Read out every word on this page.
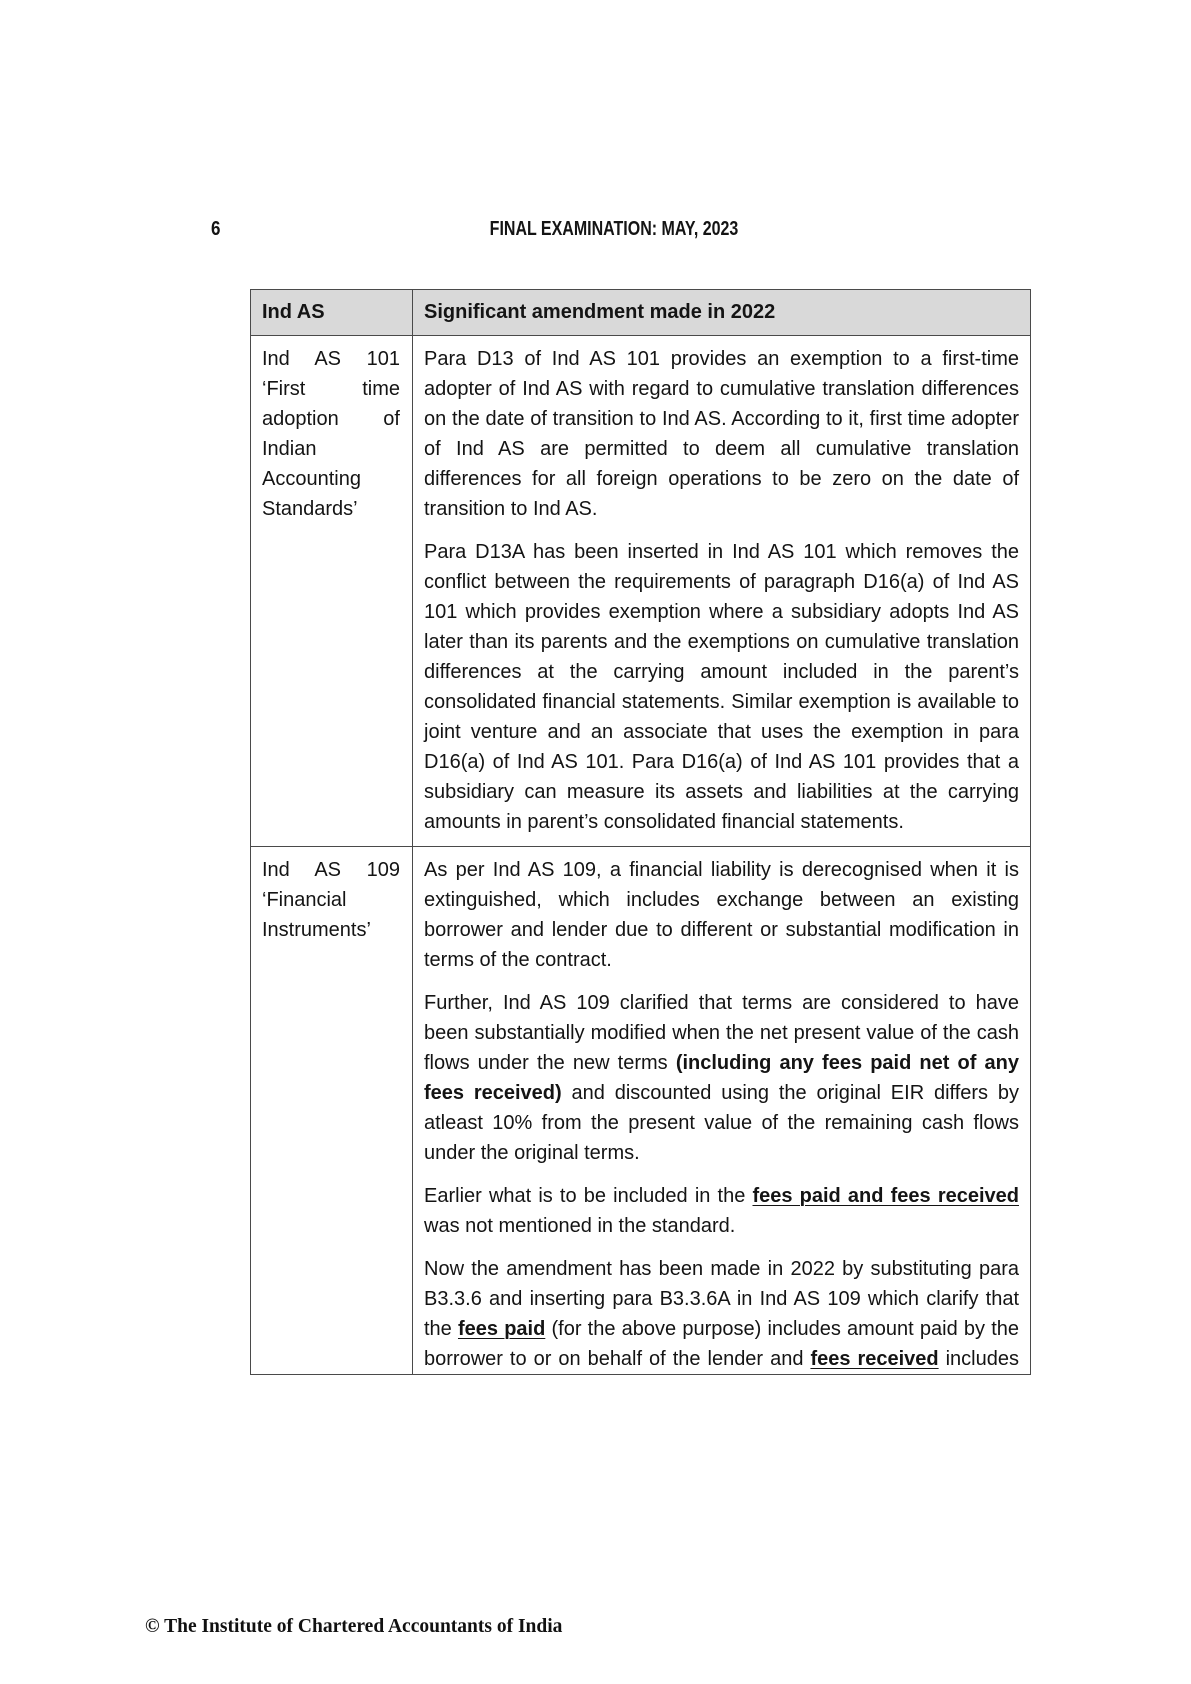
6	FINAL EXAMINATION: MAY, 2023
Ind AS	Significant amendment made in 2022
Ind AS 101 ‘First time adoption of Indian Accounting Standards’	Para D13 of Ind AS 101 provides an exemption to a first-time adopter of Ind AS with regard to cumulative translation differences on the date of transition to Ind AS. According to it, first time adopter of Ind AS are permitted to deem all cumulative translation differences for all foreign operations to be zero on the date of transition to Ind AS.

Para D13A has been inserted in Ind AS 101 which removes the conflict between the requirements of paragraph D16(a) of Ind AS 101 which provides exemption where a subsidiary adopts Ind AS later than its parents and the exemptions on cumulative translation differences at the carrying amount included in the parent’s consolidated financial statements. Similar exemption is available to joint venture and an associate that uses the exemption in para D16(a) of Ind AS 101. Para D16(a) of Ind AS 101 provides that a subsidiary can measure its assets and liabilities at the carrying amounts in parent’s consolidated financial statements.

Ind AS 109 ‘Financial Instruments’	As per Ind AS 109, a financial liability is derecognised when it is extinguished, which includes exchange between an existing borrower and lender due to different or substantial modification in terms of the contract.

Further, Ind AS 109 clarified that terms are considered to have been substantially modified when the net present value of the cash flows under the new terms (including any fees paid net of any fees received) and discounted using the original EIR differs by atleast 10% from the present value of the remaining cash flows under the original terms.

Earlier what is to be included in the fees paid and fees received was not mentioned in the standard.

Now the amendment has been made in 2022 by substituting para B3.3.6 and inserting para B3.3.6A in Ind AS 109 which clarify that the fees paid (for the above purpose) includes amount paid by the borrower to or on behalf of the lender and fees received includes

© The Institute of Chartered Accountants of India
